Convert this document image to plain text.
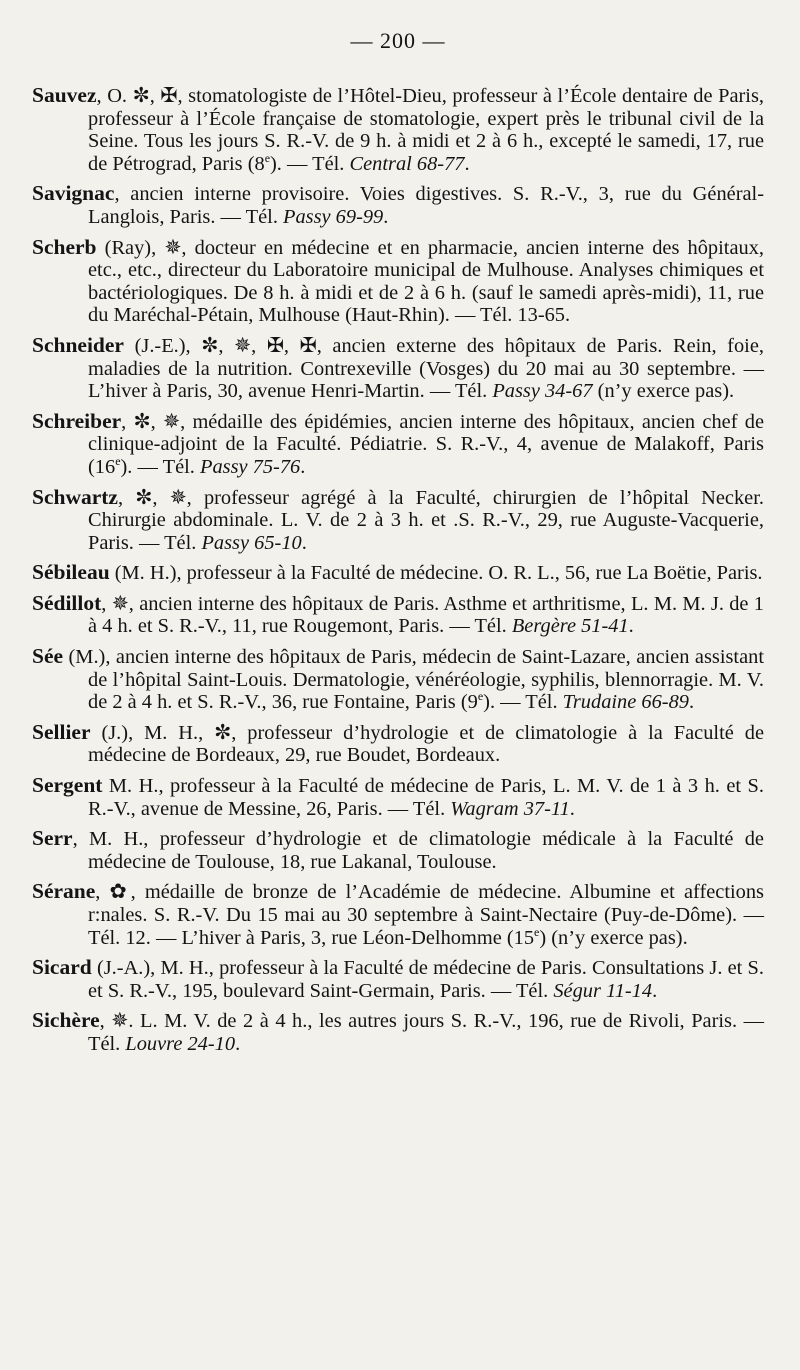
— 200 —

Sauvez, O. ✼, ✠, stomatologiste de l’Hôtel-Dieu, professeur à l’École dentaire de Paris, professeur à l’École française de stomatologie, expert près le tribunal civil de la Seine. Tous les jours S. R.-V. de 9 h. à midi et 2 à 6 h., excepté le samedi, 17, rue de Pétrograd, Paris (8e). — Tél. Central 68-77.

Savignac, ancien interne provisoire. Voies digestives. S. R.-V., 3, rue du Général-Langlois, Paris. — Tél. Passy 69-99.

Scherb (Ray), ✵, docteur en médecine et en pharmacie, ancien interne des hôpitaux, etc., etc., directeur du Laboratoire municipal de Mulhouse. Analyses chimiques et bactériologiques. De 8 h. à midi et de 2 à 6 h. (sauf le samedi après-midi), 11, rue du Maréchal-Pétain, Mulhouse (Haut-Rhin). — Tél. 13-65.

Schneider (J.-E.), ✼, ✵, ✠, ✠, ancien externe des hôpitaux de Paris. Rein, foie, maladies de la nutrition. Contrexeville (Vosges) du 20 mai au 30 septembre. — L’hiver à Paris, 30, avenue Henri-Martin. — Tél. Passy 34-67 (n’y exerce pas).

Schreiber, ✼, ✵, médaille des épidémies, ancien interne des hôpitaux, ancien chef de clinique-adjoint de la Faculté. Pédiatrie. S. R.-V., 4, avenue de Malakoff, Paris (16e). — Tél. Passy 75-76.

Schwartz, ✼, ✵, professeur agrégé à la Faculté, chirurgien de l’hôpital Necker. Chirurgie abdominale. L. V. de 2 à 3 h. et .S. R.-V., 29, rue Auguste-Vacquerie, Paris. — Tél. Passy 65-10.

Sébileau (M. H.), professeur à la Faculté de médecine. O. R. L., 56, rue La Boëtie, Paris.

Sédillot, ✵, ancien interne des hôpitaux de Paris. Asthme et arthritisme, L. M. M. J. de 1 à 4 h. et S. R.-V., 11, rue Rougemont, Paris. — Tél. Bergère 51-41.

Sée (M.), ancien interne des hôpitaux de Paris, médecin de Saint-Lazare, ancien assistant de l’hôpital Saint-Louis. Dermatologie, vénéréologie, syphilis, blennorragie. M. V. de 2 à 4 h. et S. R.-V., 36, rue Fontaine, Paris (9e). — Tél. Trudaine 66-89.

Sellier (J.), M. H., ✼, professeur d’hydrologie et de climatologie à la Faculté de médecine de Bordeaux, 29, rue Boudet, Bordeaux.

Sergent M. H., professeur à la Faculté de médecine de Paris, L. M. V. de 1 à 3 h. et S. R.-V., avenue de Messine, 26, Paris. — Tél. Wagram 37-11.

Serr, M. H., professeur d’hydrologie et de climatologie médicale à la Faculté de médecine de Toulouse, 18, rue Lakanal, Toulouse.

Sérane, ✿, médaille de bronze de l’Académie de médecine. Albumine et affections r:nales. S. R.-V. Du 15 mai au 30 septembre à Saint-Nectaire (Puy-de-Dôme). — Tél. 12. — L’hiver à Paris, 3, rue Léon-Delhomme (15e) (n’y exerce pas).

Sicard (J.-A.), M. H., professeur à la Faculté de médecine de Paris. Consultations J. et S. et S. R.-V., 195, boulevard Saint-Germain, Paris. — Tél. Ségur 11-14.

Sichère, ✵. L. M. V. de 2 à 4 h., les autres jours S. R.-V., 196, rue de Rivoli, Paris. — Tél. Louvre 24-10.
